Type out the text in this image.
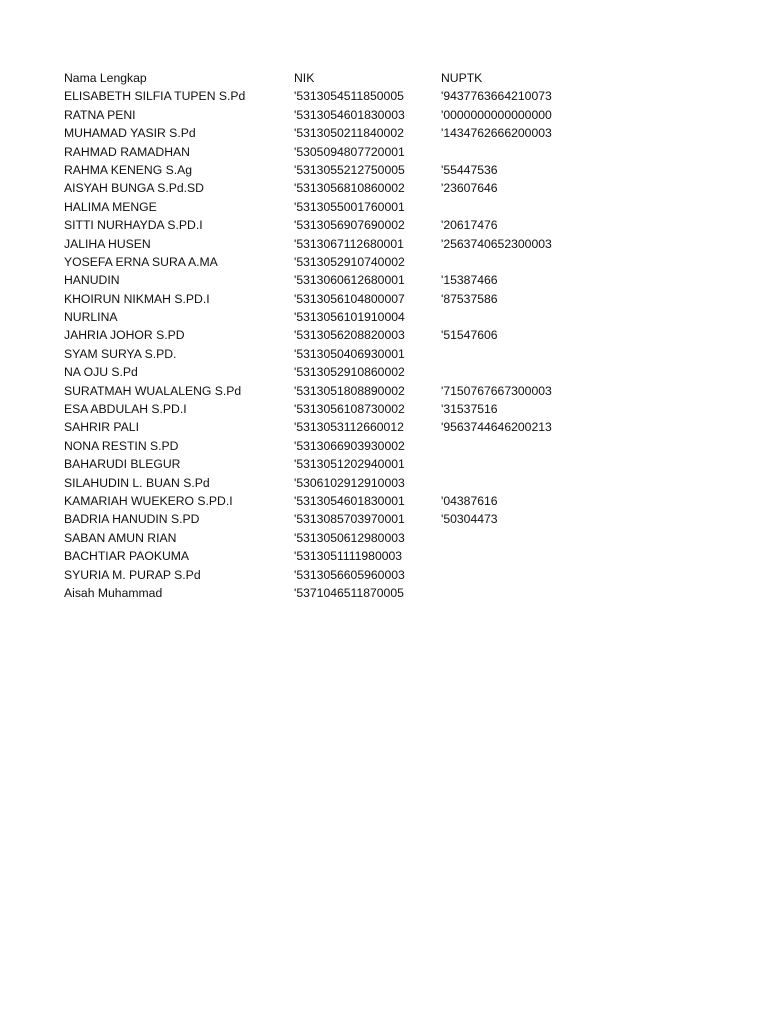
Nama Lengkap	NIK	NUPTK
ELISABETH SILFIA TUPEN S.Pd	'5313054511850005	'9437763664210073
RATNA PENI	'5313054601830003	'0000000000000000
MUHAMAD YASIR S.Pd	'5313050211840002	'1434762666200003
RAHMAD RAMADHAN	'5305094807720001
RAHMA KENENG S.Ag	'5313055212750005	'55447536
AISYAH BUNGA S.Pd.SD	'5313056810860002	'23607646
HALIMA MENGE	'5313055001760001
SITTI NURHAYDA S.PD.I	'5313056907690002	'20617476
JALIHA HUSEN	'5313067112680001	'2563740652300003
YOSEFA ERNA SURA A.MA	'5313052910740002
HANUDIN	'5313060612680001	'15387466
KHOIRUN NIKMAH S.PD.I	'5313056104800007	'87537586
NURLINA	'5313056101910004
JAHRIA JOHOR S.PD	'5313056208820003	'51547606
SYAM SURYA S.PD.	'5313050406930001
NA OJU S.Pd	'5313052910860002
SURATMAH WUALALENG S.Pd	'5313051808890002	'7150767667300003
ESA ABDULAH S.PD.I	'5313056108730002	'31537516
SAHRIR PALI	'5313053112660012	'9563744646200213
NONA RESTIN S.PD	'5313066903930002
BAHARUDI BLEGUR	'5313051202940001
SILAHUDIN L. BUAN S.Pd	'5306102912910003
KAMARIAH WUEKERO S.PD.I	'5313054601830001	'04387616
BADRIA HANUDIN S.PD	'5313085703970001	'50304473
SABAN AMUN RIAN	'5313050612980003
BACHTIAR PAOKUMA	'5313051111980003
SYURIA M. PURAP S.Pd	'5313056605960003
Aisah Muhammad	'5371046511870005
